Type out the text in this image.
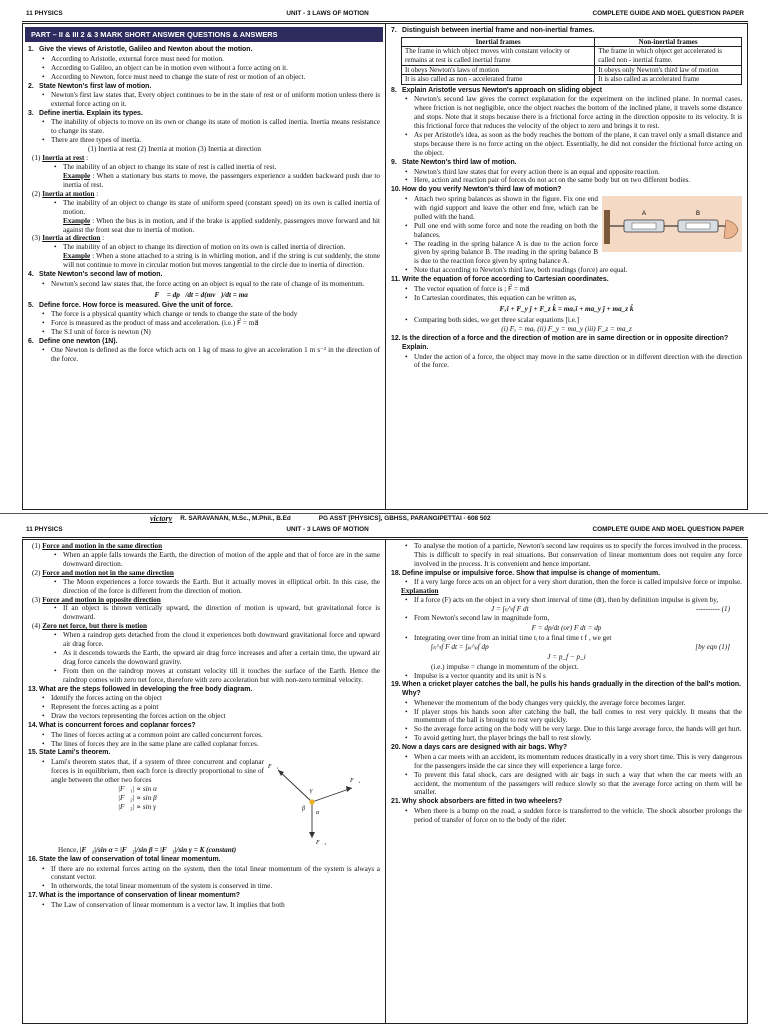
11 PHYSICS	UNIT - 3 LAWS OF MOTION	COMPLETE GUIDE AND MOEL QUESTION PAPER
PART – II & III 2 & 3 MARK SHORT ANSWER QUESTIONS & ANSWERS
1. Give the views of Aristotle, Galileo and Newton about the motion.
• According to Aristotle, external force must need for motion.
• According to Galileo, an object can be in motion even without a force acting on it.
• According to Newton, force must need to change the state of rest or motion of an object.
2. State Newton's first law of motion.
• Newton's first law states that, Every object continues to be in the state of rest or of uniform motion unless there is external force acting on it.
3. Define inertia. Explain its types.
• The inability of objects to move on its own or change its state of motion is called inertia. Inertia means resistance to change its state.
• There are three types of inertia.
(1) Inertia at rest (2) Inertia at motion (3) Inertia at direction
(1) Inertia at rest :
• The inability of an object to change its state of rest is called inertia of rest.
Example : When a stationary bus starts to move, the passengers experience a sudden backward push due to inertia of rest.
(2) Inertia at motion :
• The inability of an object to change its state of uniform speed (constant speed) on its own is called inertia of motion.
Example : When the bus is in motion, and if the brake is applied suddenly, passengers move forward and hit against the front seat due to inertia of motion.
(3) Inertia at direction :
• The inability of an object to change its direction of motion on its own is called inertia of direction.
Example : When a stone attached to a string is in whirling motion, and if the string is cut suddenly, the stone will not continue to move in circular motion but moves tangential to the circle due to inertia of direction.
4. State Newton's second law of motion.
• Newton's second law states that, the force acting on an object is equal to the rate of change of its momentum.
F⃗ = dp⃗/dt = d(mv⃗)/dt = ma⃗
5. Define force. How force is measured. Give the unit of force.
• The force is a physical quantity which change or tends to change the state of the body
• Force is measured as the product of mass and acceleration. (i.e.) F⃗ = ma⃗
• The S.I unit of force is newton (N)
6. Define one newton (1N).
• One Newton is defined as the force which acts on 1 kg of mass to give an acceleration 1 m s⁻² in the direction of the force.
7. Distinguish between inertial frame and non-inertial frames.
Inertial frames	Non-inertial frames
The frame in which object moves with constant velocity or remains at rest is called inertial frame	The frame in which object get accelerated is called non - inertial frame.
It obeys Newton's laws of motion	It obeys only Newton's third law of motion
It is also called as non - accelerated frame	It is also called as accelerated frame
8. Explain Aristotle versus Newton's approach on sliding object
• Newton's second law gives the correct explanation for the experiment on the inclined plane. In normal cases, where friction is not negligible, once the object reaches the bottom of the inclined plane, it travels some distance and stops. Note that it stops because there is a frictional force acting in the direction opposite to its velocity. It is this frictional force that reduces the velocity of the object to zero and brings it to rest.
• As per Aristotle's idea, as soon as the body reaches the bottom of the plane, it can travel only a small distance and stops because there is no force acting on the object. Essentially, he did not consider the frictional force acting on the object.
9. State Newton's third law of motion.
• Newton's third law states that for every action there is an equal and opposite reaction.
• Here, action and reaction pair of forces do not act on the same body but on two different bodies.
10. How do you verify Newton's third law of motion?
A	B
• Attach two spring balances as shown in the figure. Fix one end with rigid support and leave the other end free, which can be pulled with the hand.
• Pull one end with some force and note the reading on both the balances.
• The reading in the spring balance A is due to the action force given by spring balance B. The reading in the spring balance B is due to the reaction force given by spring balance A.
• Note that according to Newton's third law, both readings (force) are equal.
11. Write the equation of force according to Cartesian coordinates.
• The vector equation of force is ; F⃗ = ma⃗
• In Cartesian coordinates, this equation can be written as,
Fₓî + F_y ĵ + F_z k̂ = maₓî + ma_y ĵ + ma_z k̂
• Comparing both sides, we get three scalar equations [i.e.]
(i) Fₓ = maₓ (ii) F_y = ma_y (iii) F_z = ma_z
12. Is the direction of a force and the direction of motion are in same direction or in opposite direction? Explain.
• Under the action of a force, the object may move in the same direction or in different direction with the direction of the force.
victory R. SARAVANAN, M.Sc., M.Phil., B.Ed	PG ASST [PHYSICS], GBHSS, PARANGIPETTAI - 608 502
11 PHYSICS	UNIT - 3 LAWS OF MOTION	COMPLETE GUIDE AND MOEL QUESTION PAPER
(1) Force and motion in the same direction
• When an apple falls towards the Earth, the direction of motion of the apple and that of force are in the same downward direction.
(2) Force and motion not in the same direction
• The Moon experiences a force towards the Earth. But it actually moves in elliptical orbit. In this case, the direction of the force is different from the direction of motion.
(3) Force and motion in opposite direction
• If an object is thrown vertically upward, the direction of motion is upward, but gravitational force is downward.
(4) Zero net force, but there is motion
• When a raindrop gets detached from the cloud it experiences both downward gravitational force and upward air drag force.
• As it descends towards the Earth, the upward air drag force increases and after a certain time, the upward air drag force cancels the downward gravity.
• From then on the raindrop moves at constant velocity till it touches the surface of the Earth. Hence the raindrop comes with zero net force, therefore with zero acceleration but with non-zero terminal velocity.
13. What are the steps followed in developing the free body diagram.
• Identify the forces acting on the object
• Represent the forces acting as a point
• Draw the vectors representing the forces action on the object
14. What is concurrent forces and coplanar forces?
• The lines of forces acting at a common point are called concurrent forces.
• The lines of forces they are in the same plane are called coplanar forces.
15. State Lami's theorem.
F⃗₁
F⃗₂
F⃗₃
α
β
γ
• Lami's theorem states that, if a system of three concurrent and coplanar forces is in equilibrium, then each force is directly proportional to sine of angle between the other two forces
|F⃗₁| ∝ sin α
|F⃗₂| ∝ sin β
|F⃗₃| ∝ sin γ
Hence, |F⃗₁|/sin α = |F⃗₂|/sin β = |F⃗₃|/sin γ = K (constant)
16. State the law of conservation of total linear momentum.
• If there are no external forces acting on the system, then the total linear momentum of the system is always a constant vector.
• In otherwords, the total linear momentum of the system is conserved in time.
17. What is the importance of conservation of linear momentum?
• The Law of conservation of linear momentum is a vector law. It implies that both
• To analyse the motion of a particle, Newton's second law requires us to specify the forces involved in the process. This is difficult to specify in real situations. But conservation of linear momentum does not require any force involved in the process. It is convenient and hence important.
18. Define impulse or impulsive force. Show that impulse is change of momentum.
• If a very large force acts on an object for a very short duration, then the force is called impulsive force or impulse.
Explanation
• If a force (F) acts on the object in a very short interval of time (dt), then by definition impulse is given by,
J = ∫ₜᵢ^ₜf F dt	---------- (1)
• From Newton's second law in magnitude form,
F = dp/dt (or) F dt = dp
• Integrating over time from an initial time tᵢ to a final time t f , we get
∫ₜᵢ^ₜf F dt = ∫ₚᵢ^ₚf dp	[by eqn (1)]
J = p_f − p_i
(i.e.) impulse = change in momentum of the object.
• Impulse is a vector quantity and its unit is N s
19. When a cricket player catches the ball, he pulls his hands gradually in the direction of the ball's motion. Why?
• Whenever the momentum of the body changes very quickly, the average force becomes larger.
• If player stops his hands soon after catching the ball, the ball comes to rest very quickly. It means that the momentum of the ball is brought to rest very quickly.
• So the average force acting on the body will be very large. Due to this large average force, the hands will get hurt.
• To avoid getting hurt, the player brings the ball to rest slowly.
20. Now a days cars are designed with air bags. Why?
• When a car meets with an accident, its momentum reduces drastically in a very short time. This is very dangerous for the passengers inside the car since they will experience a large force.
• To prevent this fatal shock, cars are designed with air bags in such a way that when the car meets with an accident, the momentum of the passengers will reduce slowly so that the average force acting on them will be smaller.
21. Why shock absorbers are fitted in two wheelers?
• When there is a bump on the road, a sudden force is transferred to the vehicle. The shock absorber prolongs the period of transfer of force on to the body of the rider.
